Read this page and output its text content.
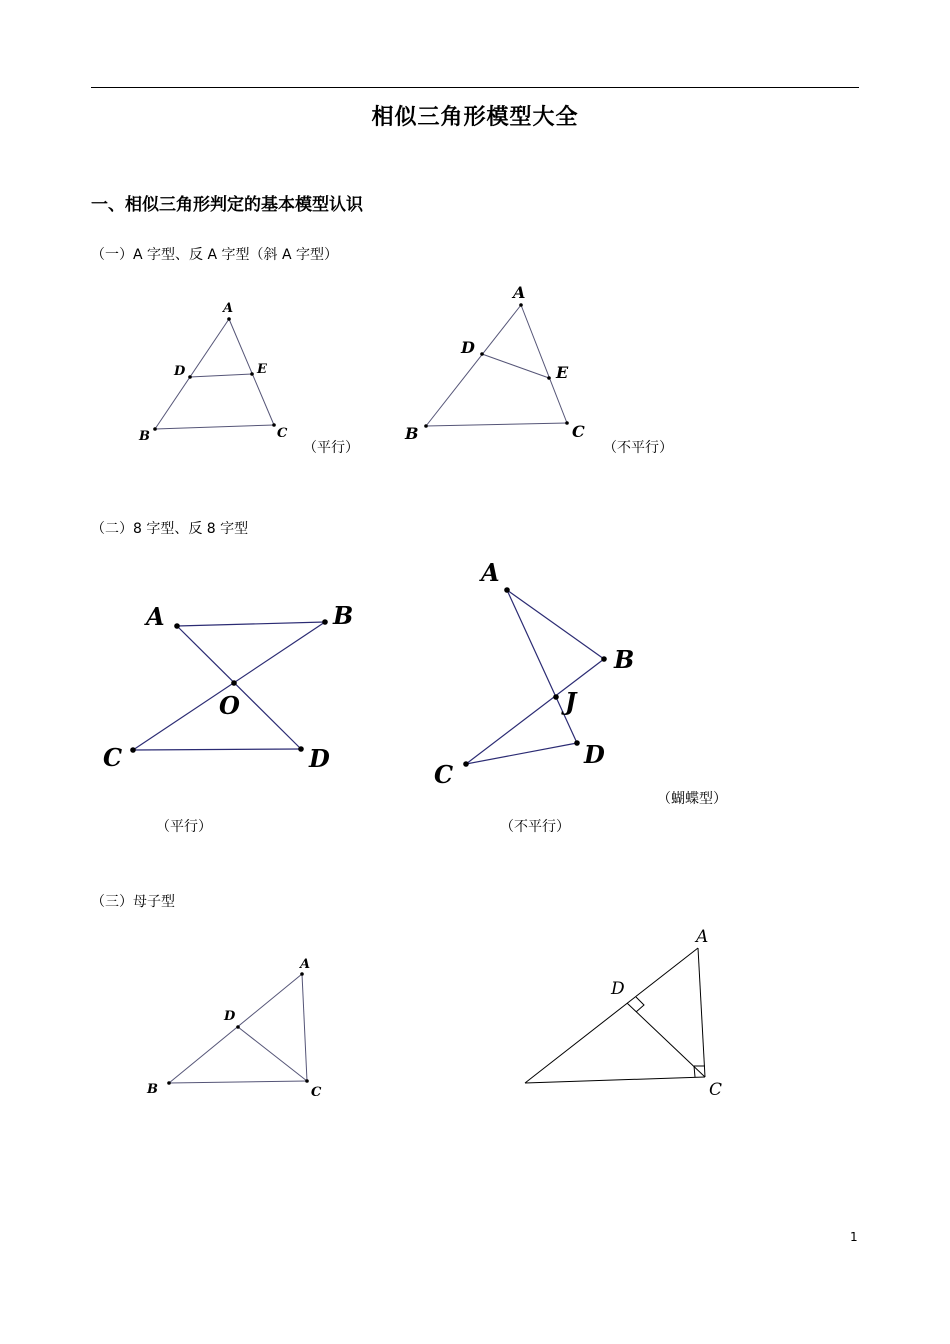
相似三角形模型大全
一、相似三角形判定的基本模型认识
（一）A 字型、反 A 字型（斜 A 字型）
（二）8 字型、反 8 字型
（三）母子型
（平行）	（不平行）
（蝴蝶型）
（平行）	（不平行）
1
A
D	E
B	C
A
D
E
B	C
A	B
O
C	D
A
B
J
D
C
A
D
B	C
A
D
C
